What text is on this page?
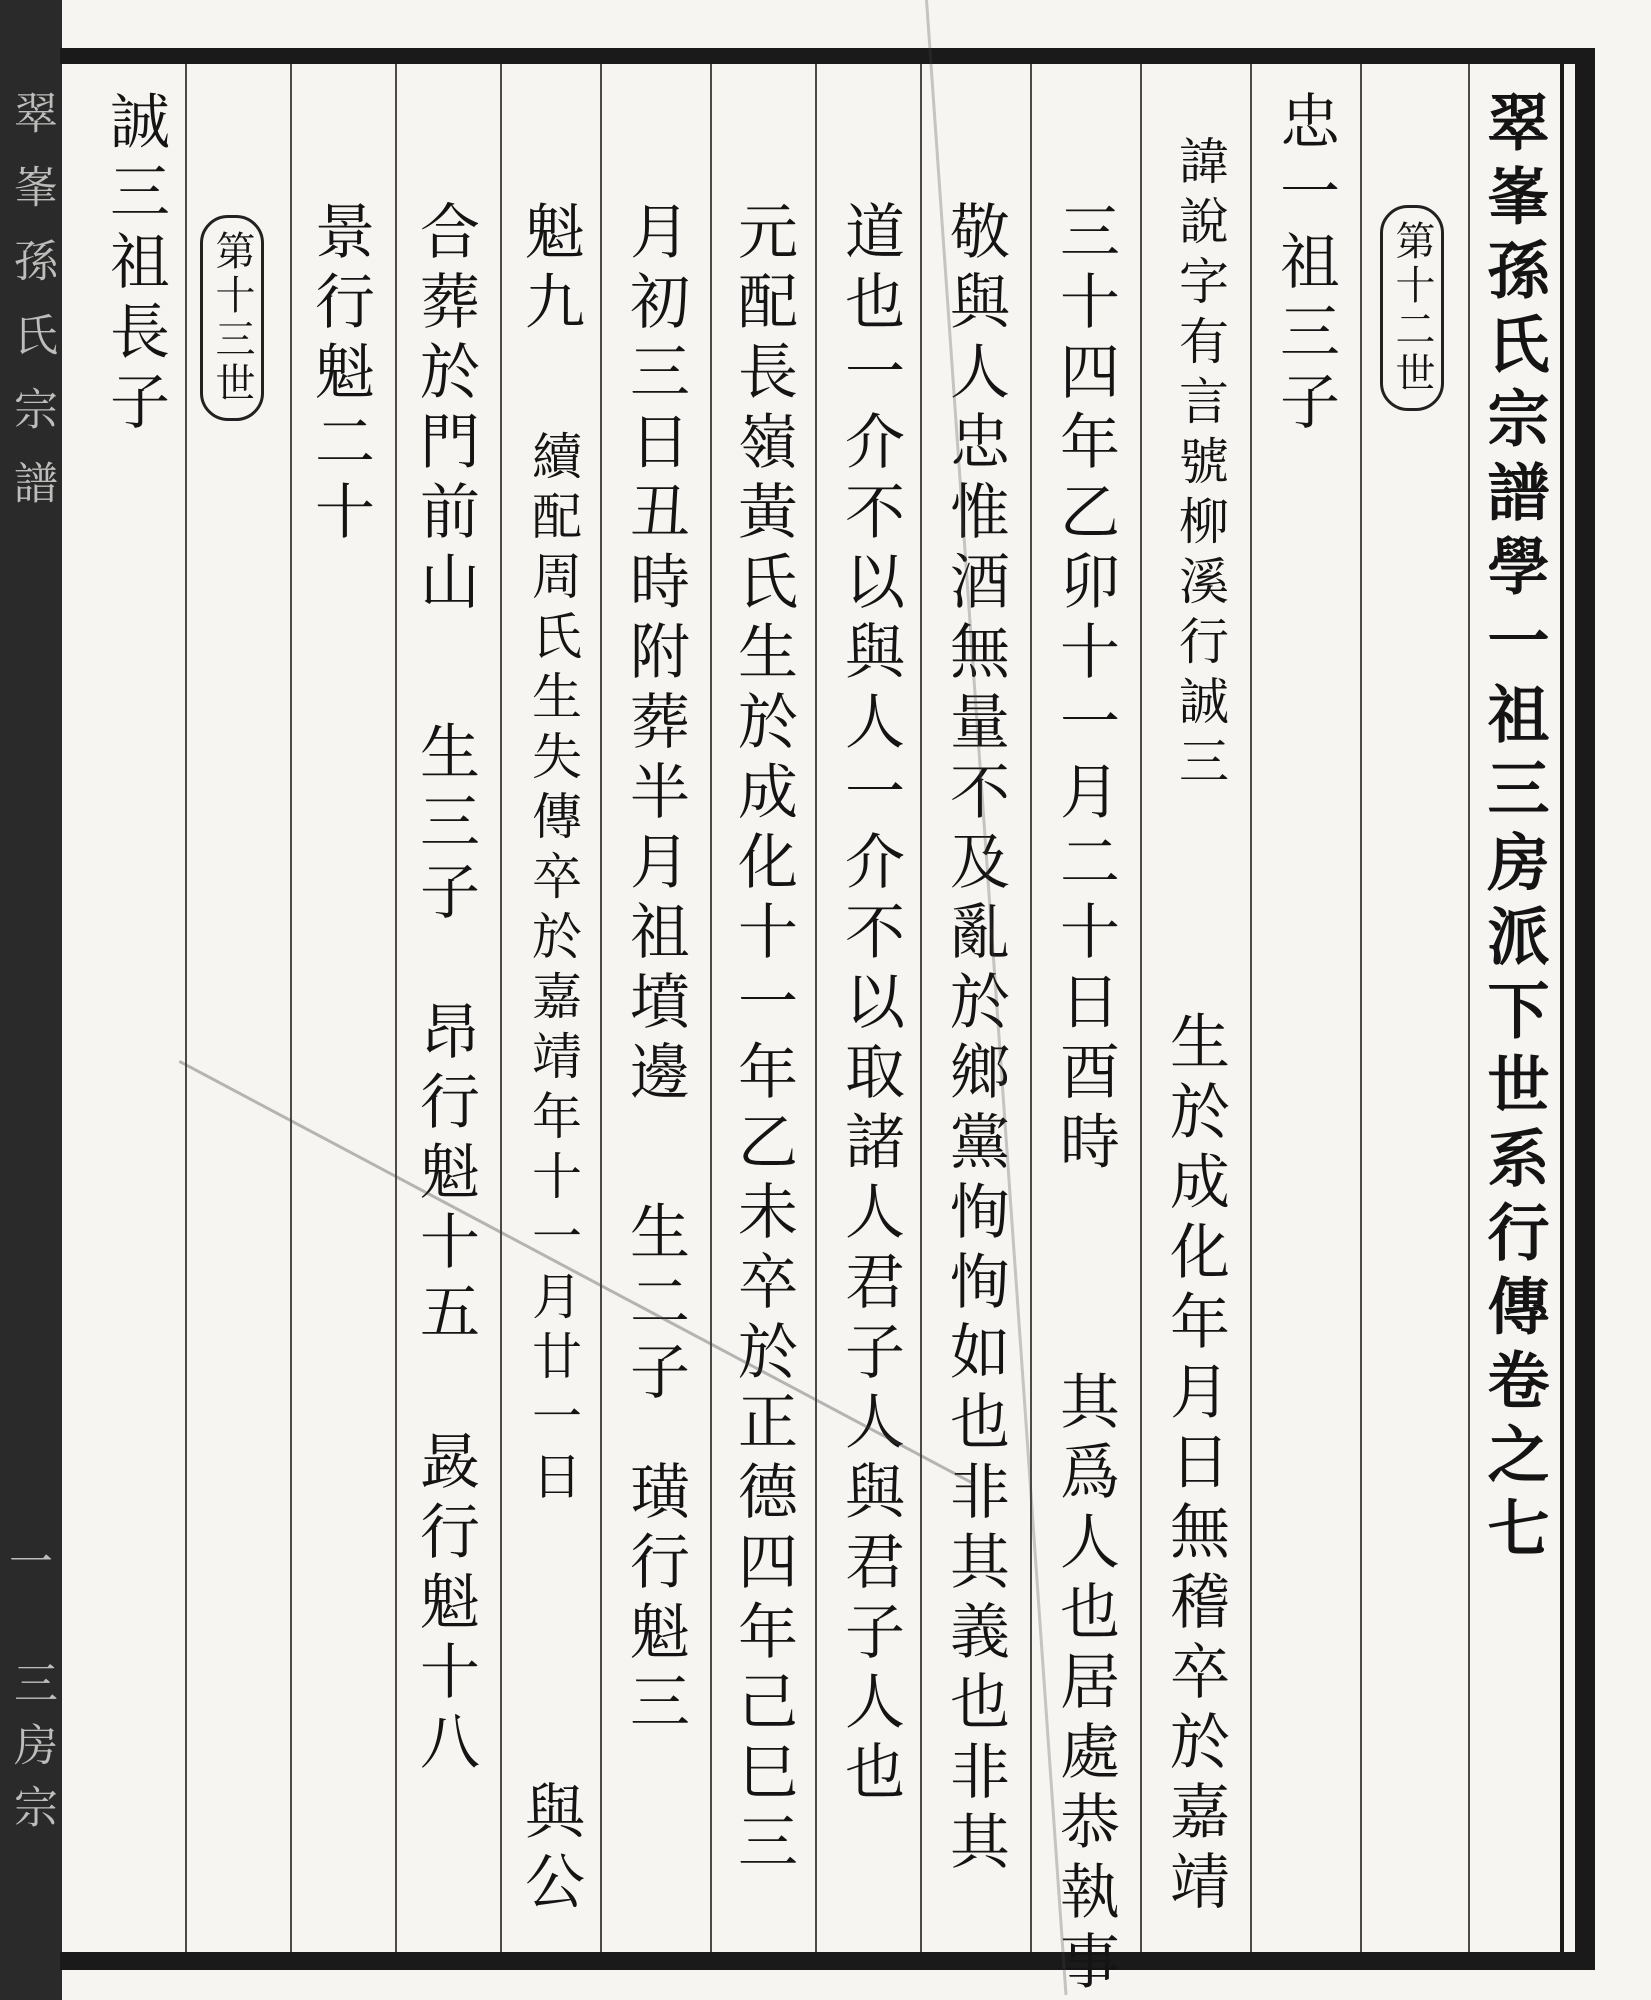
翠峯孫氏宗譜
一
三房宗
翠峯孫氏宗譜學一祖三房派下世系行傳卷之七
第十二世
忠一祖三子
諱說字有言號柳溪行誠三
生於成化年月日無稽卒於嘉靖
三十四年乙卯十一月二十日酉時
其爲人也居處恭執事
敬與人忠惟酒無量不及亂於鄉黨恂恂如也非其義也非其
道也一介不以與人一介不以取諸人君子人與君子人也
元配長嶺黃氏生於成化十一年乙未卒於正德四年己巳三
月初三日丑時附葬半月祖墳邊
生二子
璜行魁三
魁九
續配周氏生失傳卒於嘉靖年十一月廿一日
與公
合葬於門前山
生三子
昂行魁十五
晸行魁十八
景行魁二十
第十三世
誠三祖長子
